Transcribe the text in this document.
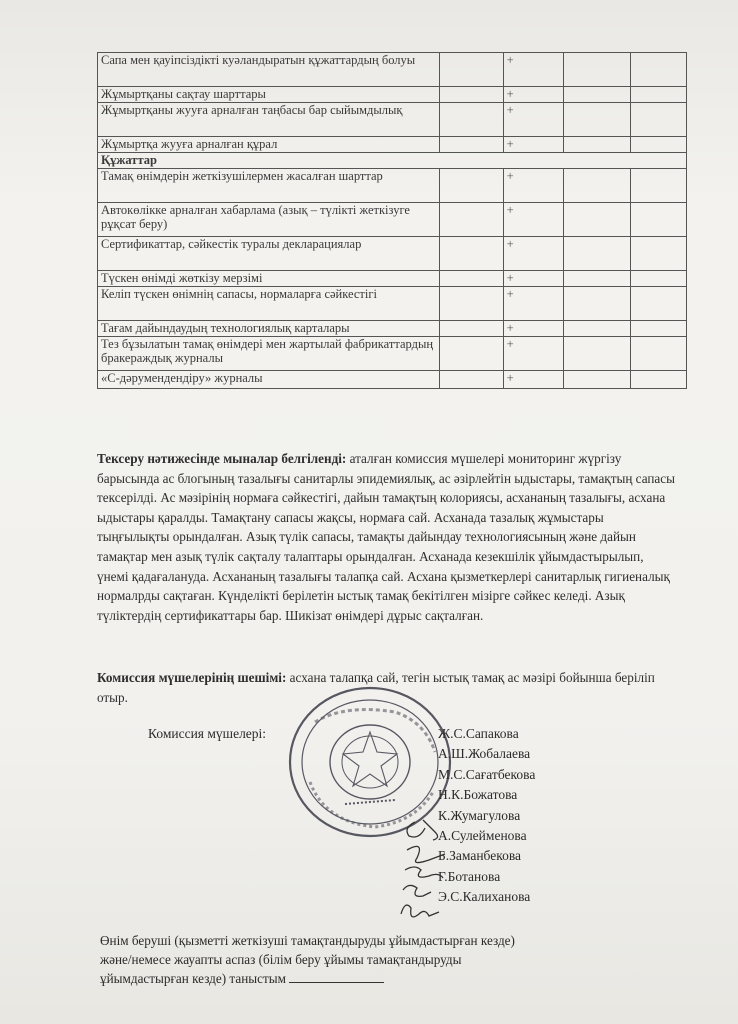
Сапа мен қауіпсіздікті куәландыратын құжаттардың болуы		+		
Жұмыртқаны сақтау шарттары		+		
Жұмыртқаны жууға арналған таңбасы бар сыйымдылық		+		
Жұмыртқа жууға арналған құрал		+		
Құжаттар				
Тамақ өнімдерін жеткізушілермен жасалған шарттар		+		
Автокөлікке арналған хабарлама (азық – түлікті жеткізуге рұқсат беру)		+		
Сертификаттар, сәйкестік туралы декларациялар		+		
Түскен өнімді жөткізу мерзімі		+		
Келіп түскен өнімнің сапасы, нормаларға сәйкестігі		+		
Тағам дайындаудың технологиялық карталары		+		
Тез бұзылатын тамақ өнімдері мен жартылай фабрикаттардың бракераждық журналы		+		
«С-дәрумендендіру» журналы		+		
Тексеру нәтижесінде мыналар белгіленді: аталған комиссия мүшелері мониторинг жүргізу барысында ас блогының тазалығы санитарлы эпидемиялық, ас әзірлейтін ыдыстары, тамақтың сапасы тексерілді. Ас мәзірінің нормаға сәйкестігі, дайын тамақтың колориясы, асхананың тазалығы, асхана ыдыстары қаралды. Тамақтану сапасы жақсы, нормаға сай. Асханада тазалық жұмыстары тыңғылықты орындалған. Азық түлік сапасы, тамақты дайындау технологиясының және дайын тамақтар мен азық түлік сақталу талаптары орындалған. Асханада кезекшілік ұйымдастырылып, үнемі қадағалануда. Асхананың тазалығы талапқа сай. Асхана қызметкерлері санитарлық гигиеналық нормалрды сақтаған. Күнделікті берілетін ыстық тамақ бекітілген мізірге сәйкес келеді. Азық түліктердің сертификаттары бар. Шикізат өнімдері дұрыс сақталған.
Комиссия мүшелерінің шешімі: асхана талапқа сай, тегін ыстық тамақ ас мәзірі бойынша беріліп отыр.
Комиссия мүшелері:	Ж.С.Сапакова
А.Ш.Жобалаева
М.С.Сағатбекова
Н.К.Божатова
К.Жумагулова
А.Сулейменова
Б.Заманбекова
Г.Ботанова
Э.С.Калиханова
Өнім беруші (қызметті жеткізуші тамақтандыруды ұйымдастырған кезде)
және/немесе жауапты аспаз (білім беру ұйымы тамақтандыруды
ұйымдастырған кезде) таныстым
